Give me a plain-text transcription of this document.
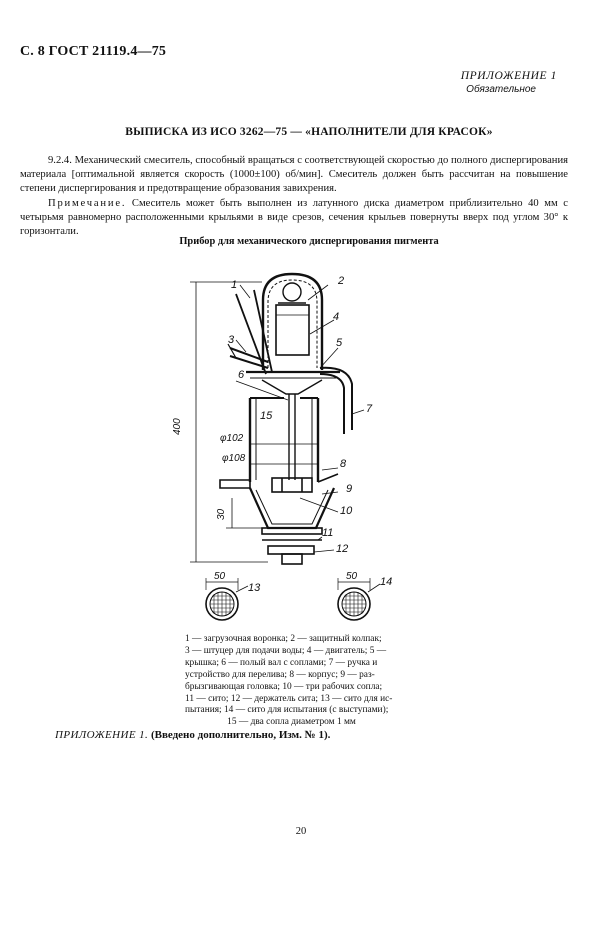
С. 8 ГОСТ 21119.4—75
ПРИЛОЖЕНИЕ 1
Обязательное
ВЫПИСКА ИЗ ИСО 3262—75 — «НАПОЛНИТЕЛИ ДЛЯ КРАСОК»

9.2.4. Механический смеситель, способный вращаться с соответствующей скоростью до полного диспергирования материала [оптимальной является скорость (1000±100) об/мин]. Смеситель должен быть рассчитан на повышение степени диспергирования и предотвращение образования завихрения.

Примечание. Смеситель может быть выполнен из латунного диска диаметром приблизительно 40 мм с четырьмя равномерно расположенными крыльями в виде срезов, сечения крыльев повернуты вверх под углом 30° к горизонтали.

Прибор для механического диспергирования пигмента
1	2
3
4
5
6
7
8
9
10
11
12
13	14
15
400
φ102
φ108
30
50	50
1 — загрузочная воронка; 2 — защитный колпак;
3 — штуцер для подачи воды; 4 — двигатель; 5 —
крышка; 6 — полый вал с соплами; 7 — ручка и
устройство для перелива; 8 — корпус; 9 — раз-
брызгивающая головка; 10 — три рабочих сопла;
11 — сито; 12 — держатель сита; 13 — сито для ис-
пытания; 14 — сито для испытания (с выступами);
15 — два сопла диаметром 1 мм
ПРИЛОЖЕНИЕ 1. (Введено дополнительно, Изм. № 1).
20
